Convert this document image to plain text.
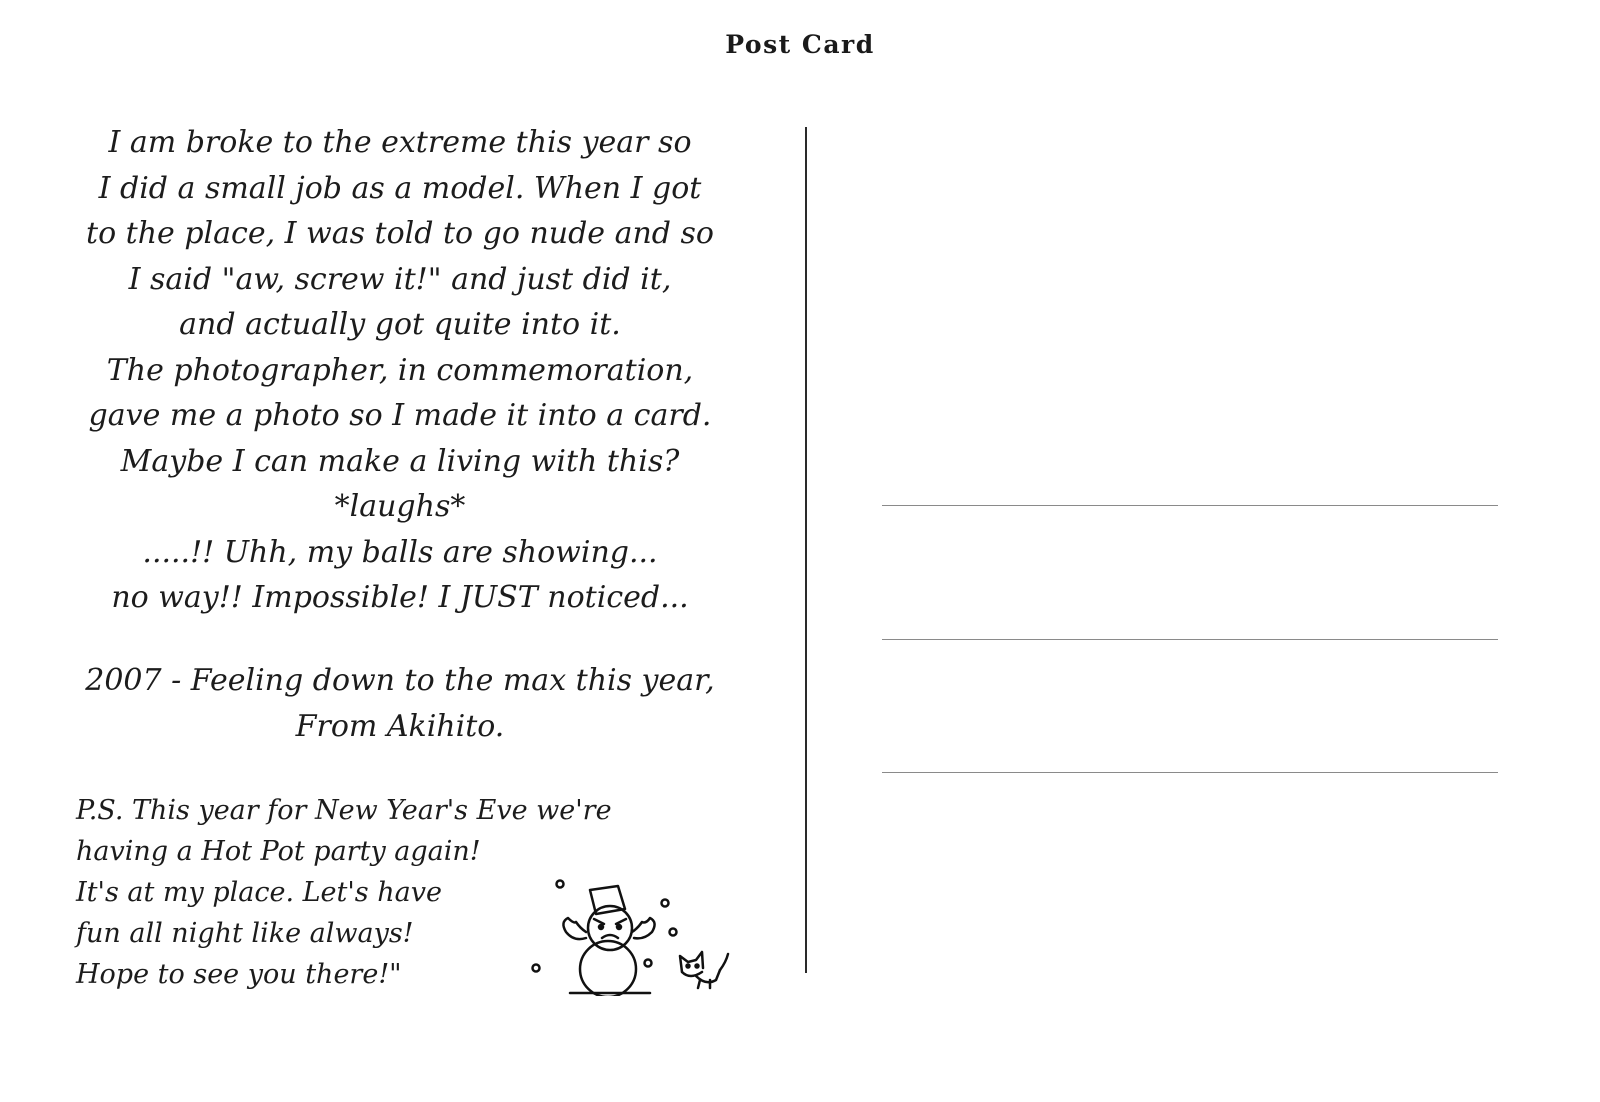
Post Card
I am broke to the extreme this year so
I did a small job as a model. When I got
to the place, I was told to go nude and so
I said "aw, screw it!" and just did it,
and actually got quite into it.
The photographer, in commemoration,
gave me a photo so I made it into a card.
Maybe I can make a living with this?
*laughs*
.....!! Uhh, my balls are showing...
no way!! Impossible! I JUST noticed...
2007 - Feeling down to the max this year,
From Akihito.
P.S. This year for New Year's Eve we're
having a Hot Pot party again!
It's at my place. Let's have
fun all night like always!
Hope to see you there!"
